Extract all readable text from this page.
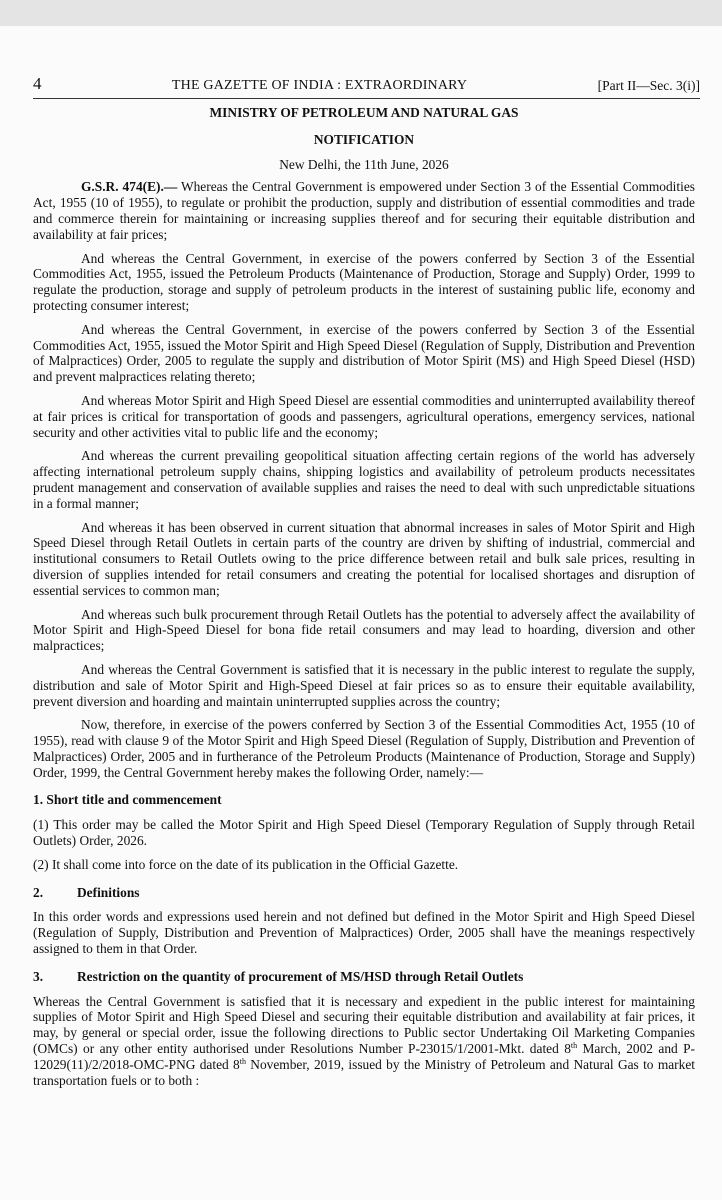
4	THE GAZETTE OF INDIA : EXTRAORDINARY	[Part II—Sec. 3(i)]
MINISTRY OF PETROLEUM AND NATURAL GAS
NOTIFICATION
New Delhi, the 11th June, 2026

G.S.R. 474(E).— Whereas the Central Government is empowered under Section 3 of the Essential Commodities Act, 1955 (10 of 1955), to regulate or prohibit the production, supply and distribution of essential commodities and trade and commerce therein for maintaining or increasing supplies thereof and for securing their equitable distribution and availability at fair prices;

And whereas the Central Government, in exercise of the powers conferred by Section 3 of the Essential Commodities Act, 1955, issued the Petroleum Products (Maintenance of Production, Storage and Supply) Order, 1999 to regulate the production, storage and supply of petroleum products in the interest of sustaining public life, economy and protecting consumer interest;

And whereas the Central Government, in exercise of the powers conferred by Section 3 of the Essential Commodities Act, 1955, issued the Motor Spirit and High Speed Diesel (Regulation of Supply, Distribution and Prevention of Malpractices) Order, 2005 to regulate the supply and distribution of Motor Spirit (MS) and High Speed Diesel (HSD) and prevent malpractices relating thereto;

And whereas Motor Spirit and High Speed Diesel are essential commodities and uninterrupted availability thereof at fair prices is critical for transportation of goods and passengers, agricultural operations, emergency services, national security and other activities vital to public life and the economy;

And whereas the current prevailing geopolitical situation affecting certain regions of the world has adversely affecting international petroleum supply chains, shipping logistics and availability of petroleum products necessitates prudent management and conservation of available supplies and raises the need to deal with such unpredictable situations in a formal manner;

And whereas it has been observed in current situation that abnormal increases in sales of Motor Spirit and High Speed Diesel through Retail Outlets in certain parts of the country are driven by shifting of industrial, commercial and institutional consumers to Retail Outlets owing to the price difference between retail and bulk sale prices, resulting in diversion of supplies intended for retail consumers and creating the potential for localised shortages and disruption of essential services to common man;

And whereas such bulk procurement through Retail Outlets has the potential to adversely affect the availability of Motor Spirit and High-Speed Diesel for bona fide retail consumers and may lead to hoarding, diversion and other malpractices;

And whereas the Central Government is satisfied that it is necessary in the public interest to regulate the supply, distribution and sale of Motor Spirit and High-Speed Diesel at fair prices so as to ensure their equitable availability, prevent diversion and hoarding and maintain uninterrupted supplies across the country;

Now, therefore, in exercise of the powers conferred by Section 3 of the Essential Commodities Act, 1955 (10 of 1955), read with clause 9 of the Motor Spirit and High Speed Diesel (Regulation of Supply, Distribution and Prevention of Malpractices) Order, 2005 and in furtherance of the Petroleum Products (Maintenance of Production, Storage and Supply) Order, 1999, the Central Government hereby makes the following Order, namely:—

1. Short title and commencement

(1) This order may be called the Motor Spirit and High Speed Diesel (Temporary Regulation of Supply through Retail Outlets) Order, 2026.

(2) It shall come into force on the date of its publication in the Official Gazette.

2.	Definitions

In this order words and expressions used herein and not defined but defined in the Motor Spirit and High Speed Diesel (Regulation of Supply, Distribution and Prevention of Malpractices) Order, 2005 shall have the meanings respectively assigned to them in that Order.

3.	Restriction on the quantity of procurement of MS/HSD through Retail Outlets

Whereas the Central Government is satisfied that it is necessary and expedient in the public interest for maintaining supplies of Motor Spirit and High Speed Diesel and securing their equitable distribution and availability at fair prices, it may, by general or special order, issue the following directions to Public sector Undertaking Oil Marketing Companies (OMCs) or any other entity authorised under Resolutions Number P-23015/1/2001-Mkt. dated 8th March, 2002 and P-12029(11)/2/2018-OMC-PNG dated 8th November, 2019, issued by the Ministry of Petroleum and Natural Gas to market transportation fuels or to both :
